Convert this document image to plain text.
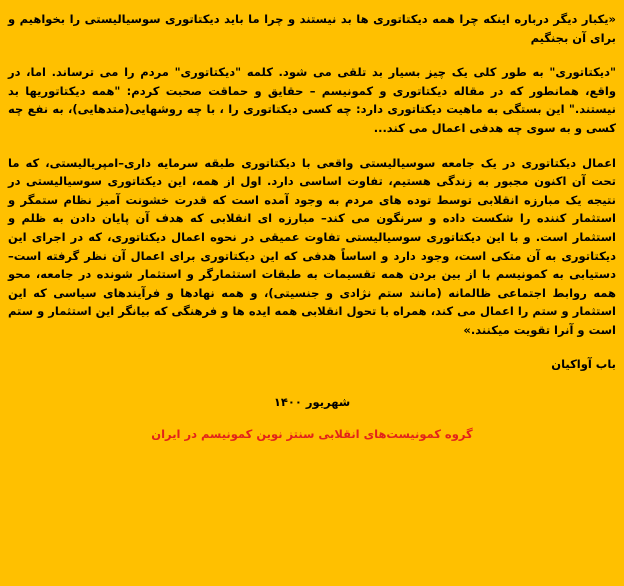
«یکبار دیگر درباره اینکه چرا همه دیکتاتوری ها بد نیستند و چرا ما باید دیکتاتوری سوسیالیستی را بخواهیم و برای آن بجنگیم

"دیکتاتوری" به طور کلی یک چیز بسیار بد تلقی می شود. کلمه "دیکتاتوری" مردم را می ترساند. اما، در واقع، همانطور که در مقاله دیکتاتوری و کمونیسم – حقایق و حماقت صحبت کردم: "همه دیکتاتوریها بد نیستند." این بستگی به ماهیت دیکتاتوری دارد: چه کسی دیکتاتوری را ، با چه روشهایی(متدهایی)، به نفع چه کسی و به سوی چه هدفی اعمال می کند...

اعمال دیکتاتوری در یک جامعه سوسیالیستی واقعی با دیکتاتوری طبقه سرمایه داری–امپریالیستی، که ما تحت آن اکنون مجبور به زندگی هستیم، تفاوت اساسی دارد. اول از همه، این دیکتاتوری سوسیالیستی در نتیجه یک مبارزه انقلابی توسط توده های مردم به وجود آمده است که قدرت خشونت آمیز نظام ستمگر و استثمار کننده را شکست داده و سرنگون می کند– مبارزه ای انقلابی که هدف آن پایان دادن به ظلم و استثمار است. و با این دیکتاتوری سوسیالیستی تفاوت عمیقی در نحوه اعمال دیکتاتوری، که در اجرای این دیکتاتوری به آن متکی است، وجود دارد و اساساً هدفی که این دیکتاتوری برای اعمال آن نظر گرفته است–دستیابی به کمونیسم با از بین بردن همه تقسیمات به طبقات استثمارگر و استثمار شونده در جامعه، محو همه روابط اجتماعی ظالمانه (مانند ستم نژادی و جنسیتی)، و همه نهادها و فرآیندهای سیاسی که این استثمار و ستم را اعمال می کند، همراه با تحول انقلابی همه ایده ها و فرهنگی که بیانگر این استثمار و ستم است و آنرا تقویت میکنند.»

باب آواکیان

شهریور ۱۴۰۰

گروه کمونیست‌های انقلابی سنتز نوین کمونیسم در ایران
